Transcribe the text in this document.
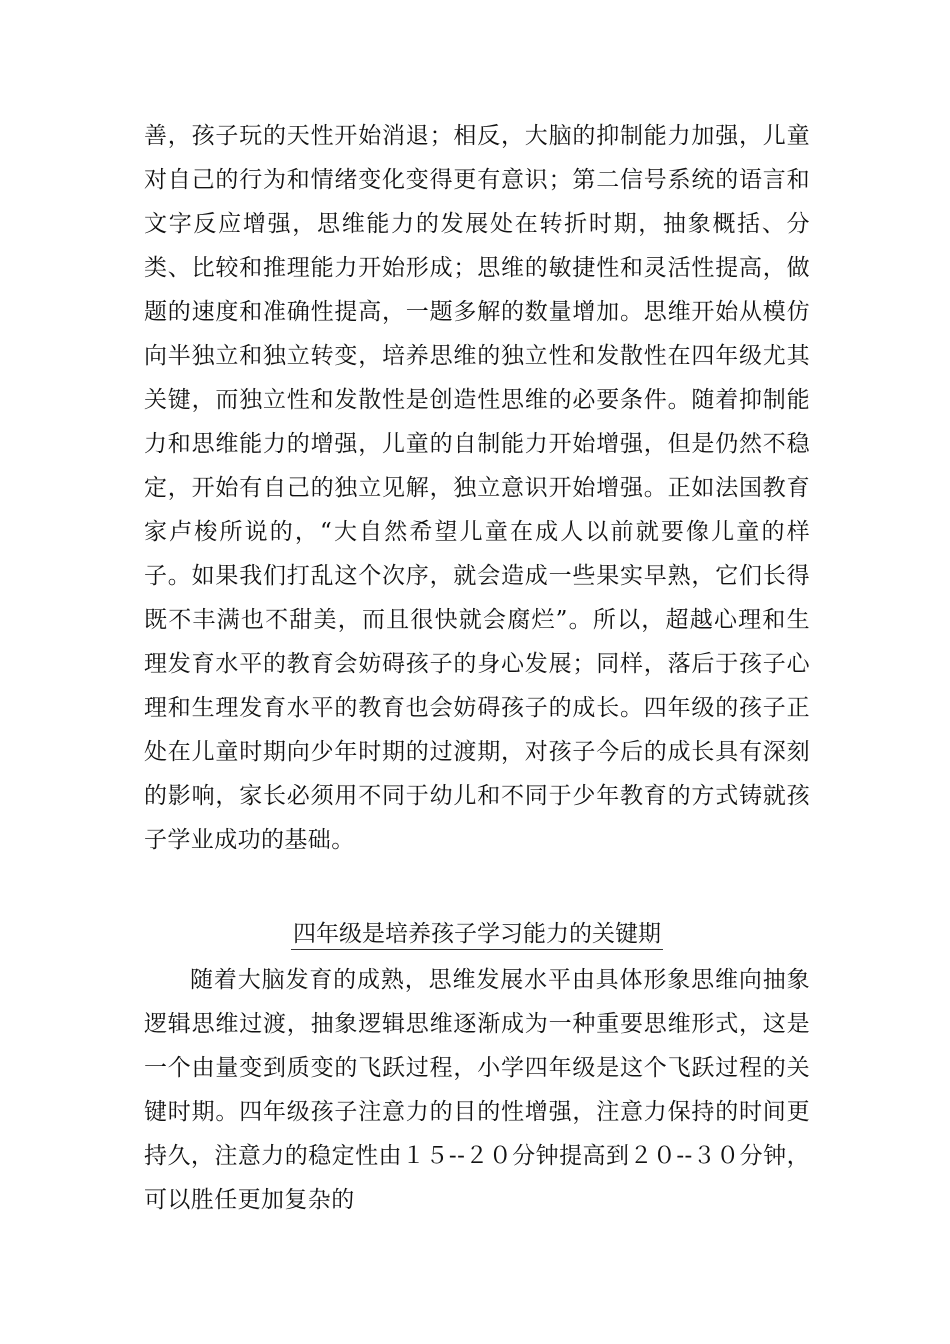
善，孩子玩的天性开始消退；相反，大脑的抑制能力加强，儿童对自己的行为和情绪变化变得更有意识；第二信号系统的语言和文字反应增强，思维能力的发展处在转折时期，抽象概括、分类、比较和推理能力开始形成；思维的敏捷性和灵活性提高，做题的速度和准确性提高，一题多解的数量增加。思维开始从模仿向半独立和独立转变，培养思维的独立性和发散性在四年级尤其关键，而独立性和发散性是创造性思维的必要条件。随着抑制能力和思维能力的增强，儿童的自制能力开始增强，但是仍然不稳定，开始有自己的独立见解，独立意识开始增强。正如法国教育家卢梭所说的，“大自然希望儿童在成人以前就要像儿童的样子。如果我们打乱这个次序，就会造成一些果实早熟，它们长得既不丰满也不甜美，而且很快就会腐烂”。所以，超越心理和生理发育水平的教育会妨碍孩子的身心发展；同样，落后于孩子心理和生理发育水平的教育也会妨碍孩子的成长。四年级的孩子正处在儿童时期向少年时期的过渡期，对孩子今后的成长具有深刻的影响，家长必须用不同于幼儿和不同于少年教育的方式铸就孩子学业成功的基础。

四年级是培养孩子学习能力的关键期

随着大脑发育的成熟，思维发展水平由具体形象思维向抽象逻辑思维过渡，抽象逻辑思维逐渐成为一种重要思维形式，这是一个由量变到质变的飞跃过程，小学四年级是这个飞跃过程的关键时期。四年级孩子注意力的目的性增强，注意力保持的时间更持久，注意力的稳定性由１５--２０分钟提高到２０--３０分钟，可以胜任更加复杂的
